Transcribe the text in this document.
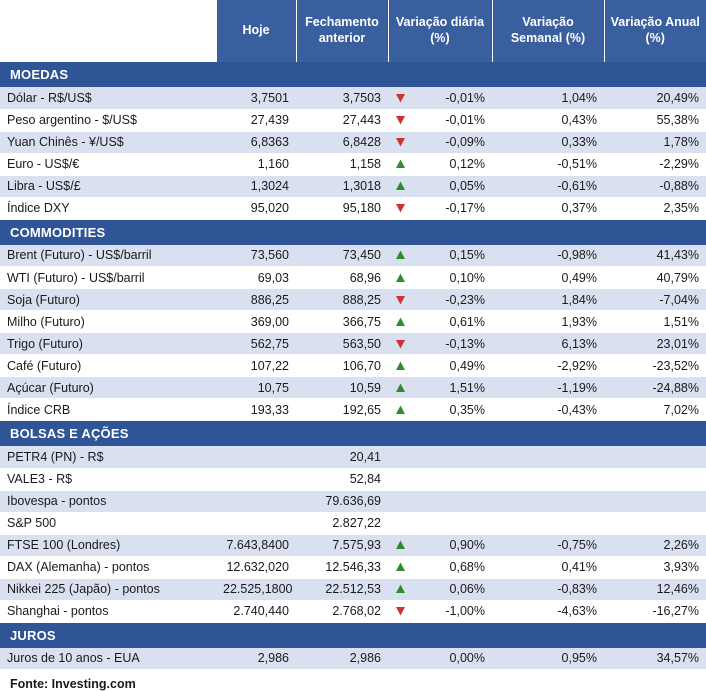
	Hoje	Fechamento anterior	Variação diária (%)	Variação Semanal (%)	Variação Anual (%)
MOEDAS					
Dólar - R$/US$	3,7501	3,7503	-0,01%	1,04%	20,49%
Peso argentino - $/US$	27,439	27,443	-0,01%	0,43%	55,38%
Yuan Chinês - ¥/US$	6,8363	6,8428	-0,09%	0,33%	1,78%
Euro - US$/€	1,160	1,158	0,12%	-0,51%	-2,29%
Libra - US$/£	1,3024	1,3018	0,05%	-0,61%	-0,88%
Índice DXY	95,020	95,180	-0,17%	0,37%	2,35%
COMMODITIES					
Brent (Futuro) - US$/barril	73,560	73,450	0,15%	-0,98%	41,43%
WTI (Futuro) - US$/barril	69,03	68,96	0,10%	0,49%	40,79%
Soja (Futuro)	886,25	888,25	-0,23%	1,84%	-7,04%
Milho (Futuro)	369,00	366,75	0,61%	1,93%	1,51%
Trigo (Futuro)	562,75	563,50	-0,13%	6,13%	23,01%
Café (Futuro)	107,22	106,70	0,49%	-2,92%	-23,52%
Açúcar (Futuro)	10,75	10,59	1,51%	-1,19%	-24,88%
Índice CRB	193,33	192,65	0,35%	-0,43%	7,02%
BOLSAS E AÇÕES					
PETR4 (PN) - R$		20,41			
VALE3 - R$		52,84			
Ibovespa - pontos		79.636,69			
S&P 500		2.827,22			
FTSE 100 (Londres)	7.643,8400	7.575,93	0,90%	-0,75%	2,26%
DAX (Alemanha) - pontos	12.632,020	12.546,33	0,68%	0,41%	3,93%
Nikkei 225 (Japão) - pontos	22.525,1800	22.512,53	0,06%	-0,83%	12,46%
Shanghai - pontos	2.740,440	2.768,02	-1,00%	-4,63%	-16,27%
JUROS					
Juros de 10 anos - EUA	2,986	2,986	0,00%	0,95%	34,57%
Fonte: Investing.com					
